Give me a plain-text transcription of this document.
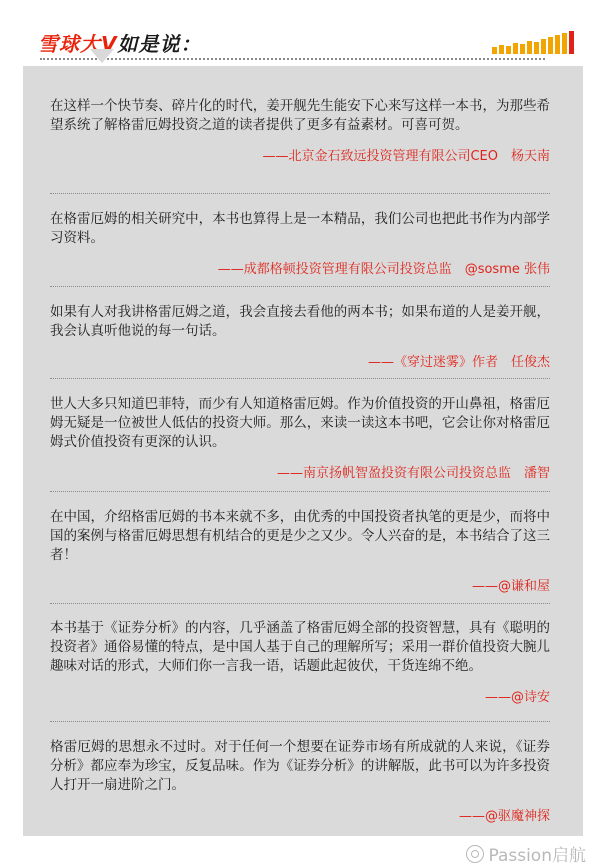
雪球大V如是说：

在这样一个快节奏、碎片化的时代，姜开舰先生能安下心来写这样一本书，为那些希望系统了解格雷厄姆投资之道的读者提供了更多有益素材。可喜可贺。

——北京金石致远投资管理有限公司CEO　杨天南

在格雷厄姆的相关研究中，本书也算得上是一本精品，我们公司也把此书作为内部学习资料。

——成都格顿投资管理有限公司投资总监　@sosme 张伟

如果有人对我讲格雷厄姆之道，我会直接去看他的两本书；如果布道的人是姜开舰，我会认真听他说的每一句话。

——《穿过迷雾》作者　任俊杰

世人大多只知道巴菲特，而少有人知道格雷厄姆。作为价值投资的开山鼻祖，格雷厄姆无疑是一位被世人低估的投资大师。那么，来读一读这本书吧，它会让你对格雷厄姆式价值投资有更深的认识。

——南京扬帆智盈投资有限公司投资总监　潘智

在中国，介绍格雷厄姆的书本来就不多，由优秀的中国投资者执笔的更是少，而将中国的案例与格雷厄姆思想有机结合的更是少之又少。令人兴奋的是，本书结合了这三者！

——@谦和屋

本书基于《证券分析》的内容，几乎涵盖了格雷厄姆全部的投资智慧，具有《聪明的投资者》通俗易懂的特点，是中国人基于自己的理解所写；采用一群价值投资大腕儿趣味对话的形式，大师们你一言我一语，话题此起彼伏，干货连绵不绝。

——@诗安

格雷厄姆的思想永不过时。对于任何一个想要在证券市场有所成就的人来说，《证券分析》都应奉为珍宝，反复品味。作为《证券分析》的讲解版，此书可以为许多投资人打开一扇进阶之门。

——@驱魔神探
Passion启航
